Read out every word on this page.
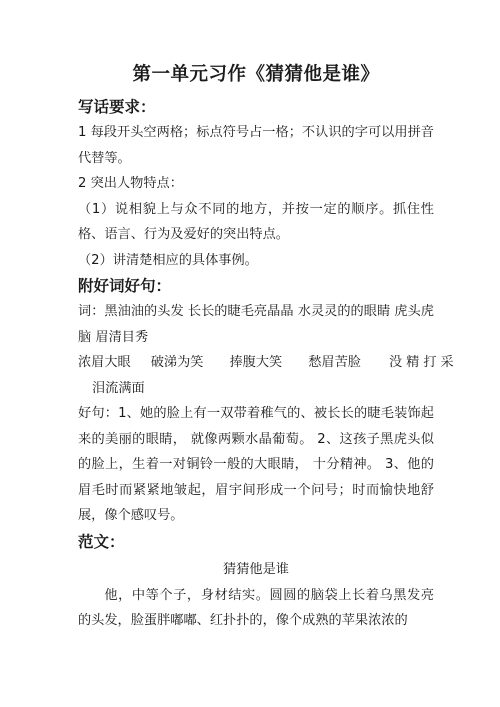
第一单元习作《猜猜他是谁》
写话要求：

1 每段开头空两格；标点符号占一格；不认识的字可以用拼音代替等。

2 突出人物特点：

（1）说相貌上与众不同的地方，并按一定的顺序。抓住性格、语言、行为及爱好的突出特点。

（2）讲清楚相应的具体事例。

附好词好句：

词：黑油油的头发 长长的睫毛亮晶晶 水灵灵的的眼睛 虎头虎脑 眉清目秀

浓眉大眼 破涕为笑 捧腹大笑 愁眉苦脸 没精打采

泪流满面

好句：1、她的脸上有一双带着稚气的、被长长的睫毛装饰起来的美丽的眼睛， 就像两颗水晶葡萄。 2、这孩子黑虎头似的脸上，生着一对铜铃一般的大眼睛， 十分精神。 3、他的眉毛时而紧紧地皱起，眉宇间形成一个问号；时而愉快地舒展，像个感叹号。

范文：
猜猜他是谁

他，中等个子，身材结实。圆圆的脑袋上长着乌黑发亮的头发，脸蛋胖嘟嘟、红扑扑的，像个成熟的苹果浓浓的
